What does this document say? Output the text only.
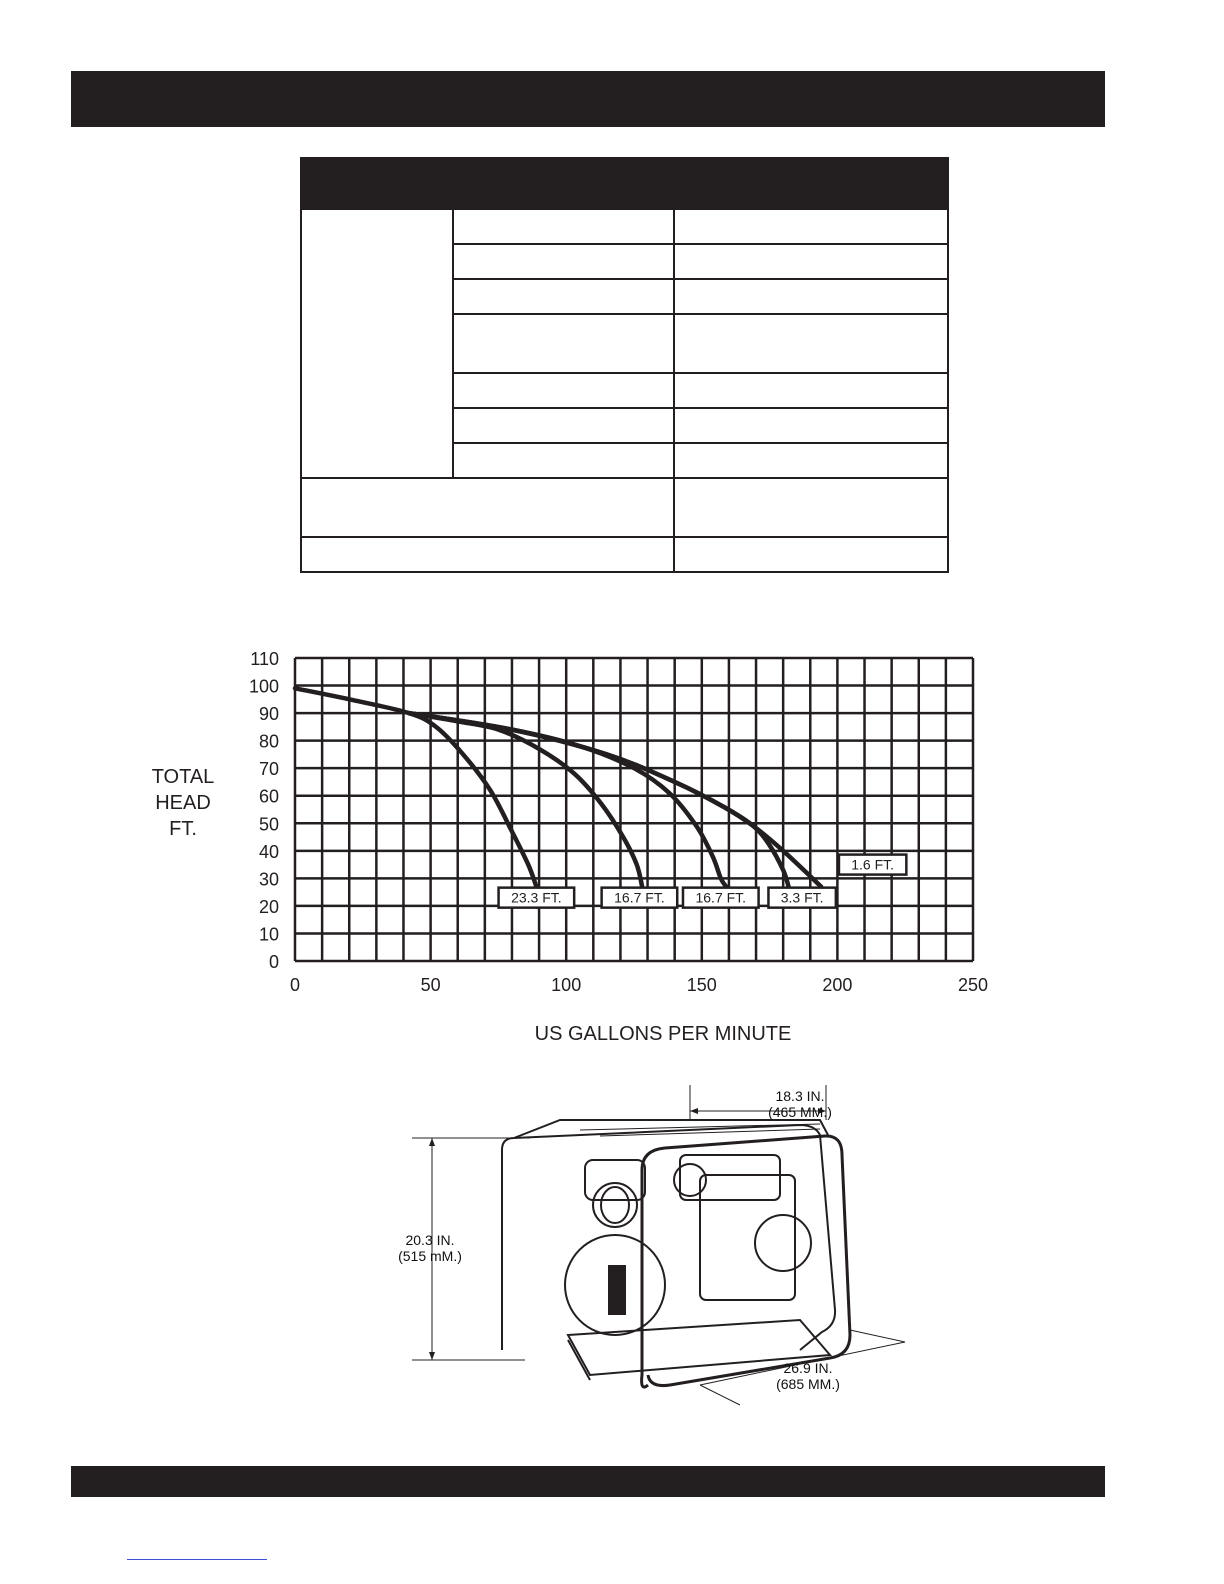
0
10
20
30
40
50
60
70
80
90
100
110
0	50	100	150	200	250
23.3 FT.	16.7 FT. 16.7 FT. 3.3 FT.
1.6 FT.
TOTAL
HEAD
FT.
US GALLONS PER MINUTE
18.3 IN.
(465 MM.)
20.3 IN.
(515 mM.)
26.9 IN.
(685 MM.)
